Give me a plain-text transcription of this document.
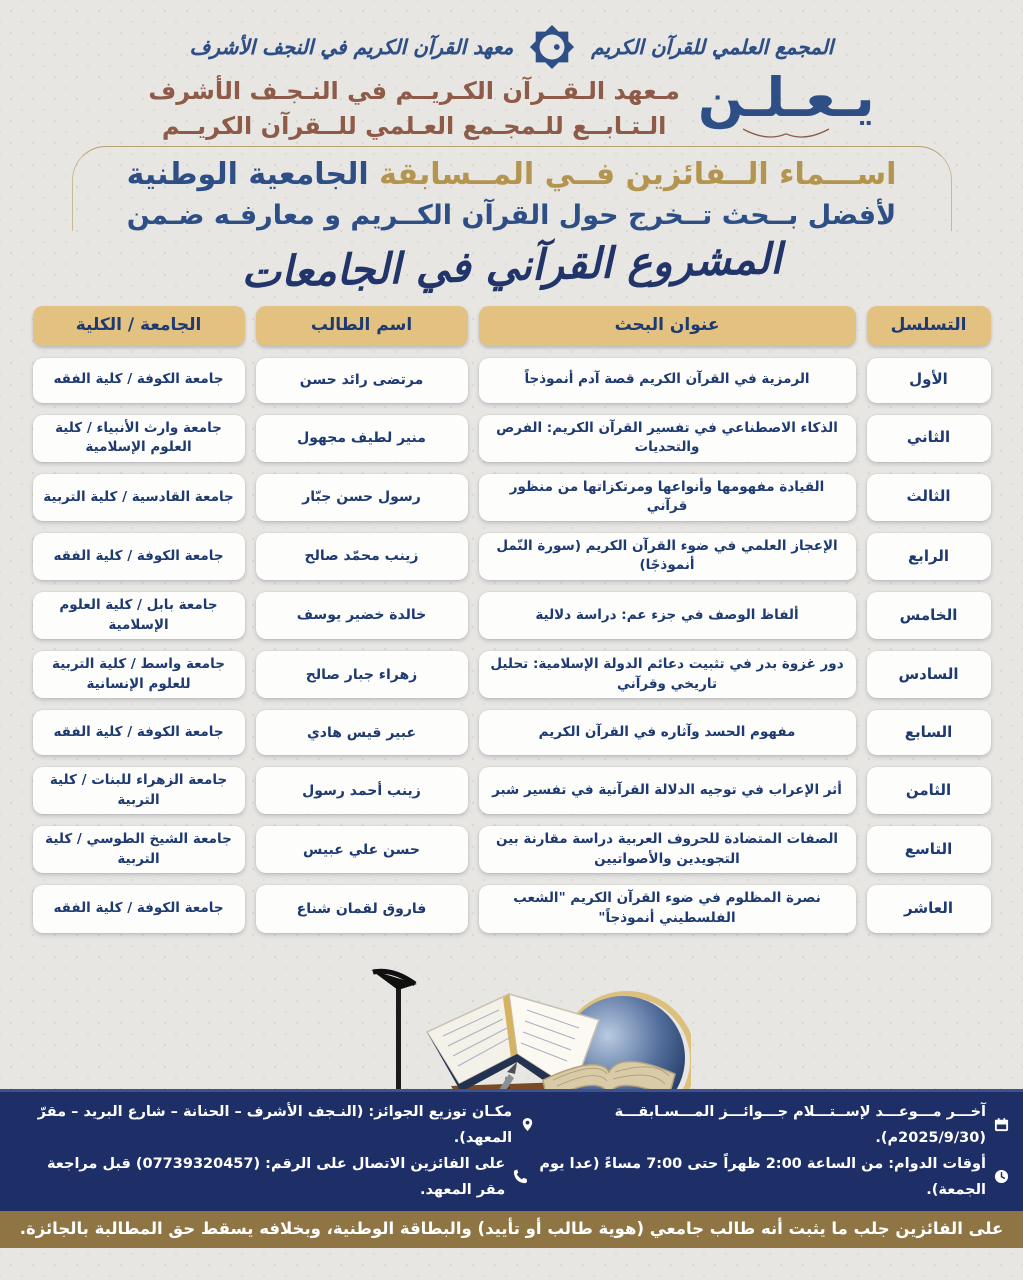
المجمع العلمي للقرآن الكريم
معهد القرآن الكريم في النجف الأشرف
يـعـلـن
مـعهد الـقــرآن الكـريــم في النـجـف الأشرف
الـتـابــع للـمجـمع العـلمي للــقرآن الكريــم
اســـماء الــفائزين فــي المــسابقة الجامعية الوطنية
لأفضل بــحث تــخرج حول القرآن الكــريم و معارفـه ضـمن
المشروع القرآني في الجامعات
التسلسل
عنوان البحث
اسم الطالب
الجامعة / الكلية
الأول
الرمزية في القرآن الكريم قصة آدم أنموذجاً
مرتضى رائد حسن
جامعة الكوفة / كلية الفقه
الثاني
الذكاء الاصطناعي في تفسير القرآن الكريم: الفرص والتحديات
منير لطيف مجهول
جامعة وارث الأنبياء / كلية العلوم الإسلامية
الثالث
القيادة مفهومها وأنواعها ومرتكزاتها من منظور قرآني
رسول حسن جبّار
جامعة القادسية / كلية التربية
الرابع
الإعجاز العلمي في ضوء القرآن الكريم (سورة النّمل أنموذجًا)
زينب محمّد صالح
جامعة الكوفة / كلية الفقه
الخامس
ألفاظ الوصف في جزء عم: دراسة دلالية
خالدة خضير يوسف
جامعة بابل / كلية العلوم الإسلامية
السادس
دور غزوة بدر في تثبيت دعائم الدولة الإسلامية: تحليل تاريخي وقرآني
زهراء جبار صالح
جامعة واسط / كلية التربية للعلوم الإنسانية
السابع
مفهوم الحسد وآثاره في القرآن الكريم
عبير قيس هادي
جامعة الكوفة / كلية الفقه
الثامن
أثر الإعراب في توجيه الدلالة القرآنية في تفسير شبر
زينب أحمد رسول
جامعة الزهراء للبنات / كلية التربية
التاسع
الصفات المتضادة للحروف العربية دراسة مقارنة بين التجويدين والأصواتيين
حسن علي عبيس
جامعة الشيخ الطوسي / كلية التربية
العاشر
نصرة المظلوم في ضوء القرآن الكريم "الشعب الفلسطيني أنموذجاً"
فاروق لقمان شناع
جامعة الكوفة / كلية الفقه
آخـــر مـــوعـــد لإســتـــلام جـــوائـــز المـــسـابقـــة (2025/9/30م).
مكـان توزيع الجوائز: (النـجف الأشرف – الحنانة – شارع البريد – مقرّ المعهد).
أوقات الدوام: من الساعة 2:00 ظهراً حتى 7:00 مساءً (عدا يوم الجمعة).
على الفائزين الاتصال على الرقم: (07739320457) قبل مراجعة مقر المعهد.
على الفائزين جلب ما يثبت أنه طالب جامعي (هوية طالب أو تأييد) والبطاقة الوطنية، وبخلافه يسقط حق المطالبة بالجائزة.
